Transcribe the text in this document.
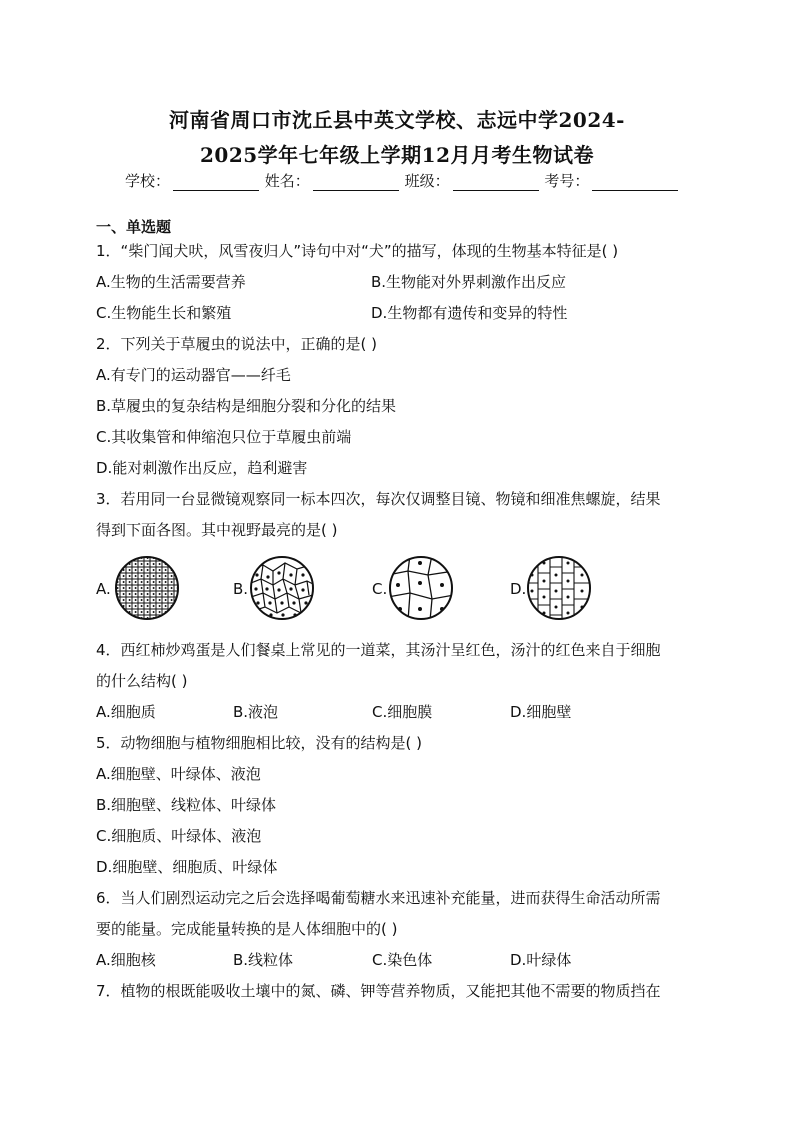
河南省周口市沈丘县中英文学校、志远中学2024-
2025学年七年级上学期12月月考生物试卷
学校：	姓名：	班级：	考号：
一、单选题
1．“柴门闻犬吠，风雪夜归人”诗句中对“犬”的描写，体现的生物基本特征是( )
A.生物的生活需要营养	B.生物能对外界刺激作出反应
C.生物能生长和繁殖	D.生物都有遗传和变异的特性
2．下列关于草履虫的说法中，正确的是( )
A.有专门的运动器官——纤毛
B.草履虫的复杂结构是细胞分裂和分化的结果
C.其收集管和伸缩泡只位于草履虫前端
D.能对刺激作出反应，趋利避害
3．若用同一台显微镜观察同一标本四次，每次仅调整目镜、物镜和细准焦螺旋，结果
得到下面各图。其中视野最亮的是( )
A.	B.	C.	D.
4．西红柿炒鸡蛋是人们餐桌上常见的一道菜，其汤汁呈红色，汤汁的红色来自于细胞
的什么结构( )
A.细胞质	B.液泡	C.细胞膜	D.细胞壁
5．动物细胞与植物细胞相比较，没有的结构是( )
A.细胞壁、叶绿体、液泡
B.细胞壁、线粒体、叶绿体
C.细胞质、叶绿体、液泡
D.细胞壁、细胞质、叶绿体
6．当人们剧烈运动完之后会选择喝葡萄糖水来迅速补充能量，进而获得生命活动所需
要的能量。完成能量转换的是人体细胞中的( )
A.细胞核	B.线粒体	C.染色体	D.叶绿体
7．植物的根既能吸收土壤中的氮、磷、钾等营养物质，又能把其他不需要的物质挡在
